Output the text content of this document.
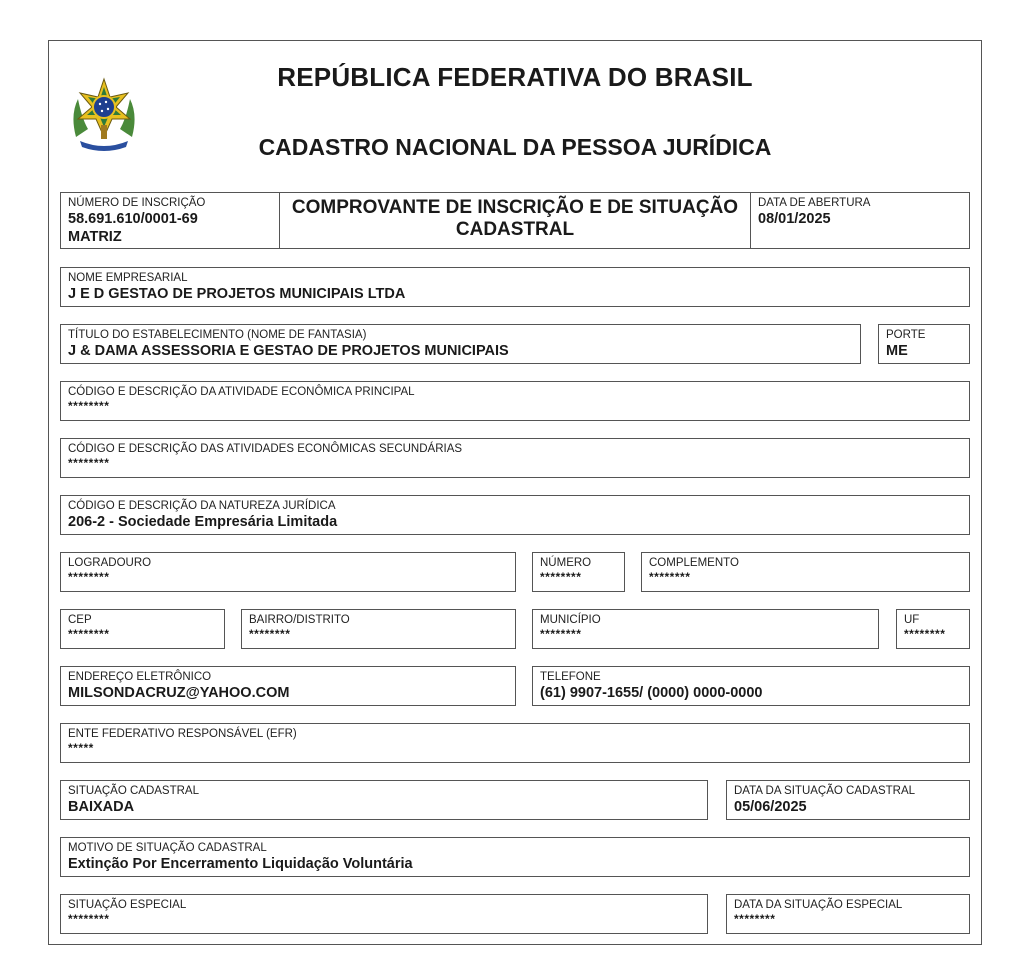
REPÚBLICA FEDERATIVA DO BRASIL
CADASTRO NACIONAL DA PESSOA JURÍDICA
NÚMERO DE INSCRIÇÃO
58.691.610/0001-69
MATRIZ
COMPROVANTE DE INSCRIÇÃO E DE SITUAÇÃO
CADASTRAL
DATA DE ABERTURA
08/01/2025
NOME EMPRESARIAL
J E D GESTAO DE PROJETOS MUNICIPAIS LTDA
TÍTULO DO ESTABELECIMENTO (NOME DE FANTASIA)
J & DAMA ASSESSORIA E GESTAO DE PROJETOS MUNICIPAIS
PORTE
ME
CÓDIGO E DESCRIÇÃO DA ATIVIDADE ECONÔMICA PRINCIPAL
********
CÓDIGO E DESCRIÇÃO DAS ATIVIDADES ECONÔMICAS SECUNDÁRIAS
********
CÓDIGO E DESCRIÇÃO DA NATUREZA JURÍDICA
206-2 - Sociedade Empresária Limitada
LOGRADOURO
********
NÚMERO
********
COMPLEMENTO
********
CEP
********
BAIRRO/DISTRITO
********
MUNICÍPIO
********
UF
********
ENDEREÇO ELETRÔNICO
MILSONDACRUZ@YAHOO.COM
TELEFONE
(61) 9907-1655/ (0000) 0000-0000
ENTE FEDERATIVO RESPONSÁVEL (EFR)
*****
SITUAÇÃO CADASTRAL
BAIXADA
DATA DA SITUAÇÃO CADASTRAL
05/06/2025
MOTIVO DE SITUAÇÃO CADASTRAL
Extinção Por Encerramento Liquidação Voluntária
SITUAÇÃO ESPECIAL
********
DATA DA SITUAÇÃO ESPECIAL
********
